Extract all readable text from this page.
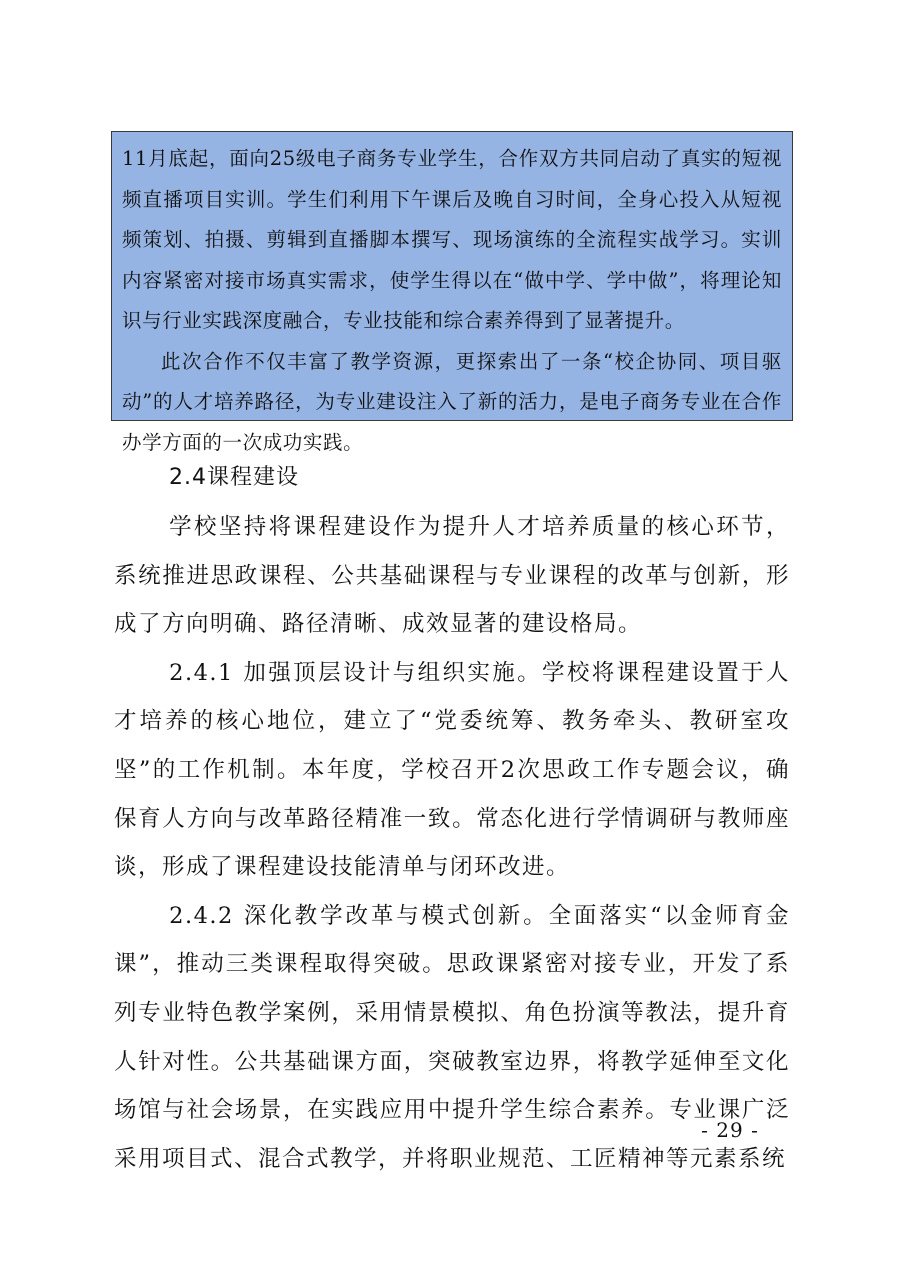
11月底起，面向25级电子商务专业学生，合作双方共同启动了真实的短视频直播项目实训。学生们利用下午课后及晚自习时间，全身心投入从短视频策划、拍摄、剪辑到直播脚本撰写、现场演练的全流程实战学习。实训内容紧密对接市场真实需求，使学生得以在“做中学、学中做”，将理论知识与行业实践深度融合，专业技能和综合素养得到了显著提升。

此次合作不仅丰富了教学资源，更探索出了一条“校企协同、项目驱动”的人才培养路径，为专业建设注入了新的活力，是电子商务专业在合作办学方面的一次成功实践。

2.4课程建设

学校坚持将课程建设作为提升人才培养质量的核心环节，系统推进思政课程、公共基础课程与专业课程的改革与创新，形成了方向明确、路径清晰、成效显著的建设格局。

2.4.1 加强顶层设计与组织实施。学校将课程建设置于人才培养的核心地位，建立了“党委统筹、教务牵头、教研室攻坚”的工作机制。本年度，学校召开2次思政工作专题会议，确保育人方向与改革路径精准一致。常态化进行学情调研与教师座谈，形成了课程建设技能清单与闭环改进。

2.4.2 深化教学改革与模式创新。全面落实“以金师育金课”，推动三类课程取得突破。思政课紧密对接专业，开发了系列专业特色教学案例，采用情景模拟、角色扮演等教法，提升育人针对性。公共基础课方面，突破教室边界，将教学延伸至文化场馆与社会场景，在实践应用中提升学生综合素养。专业课广泛采用项目式、混合式教学，并将职业规范、工匠精神等元素系统

- 29 -
